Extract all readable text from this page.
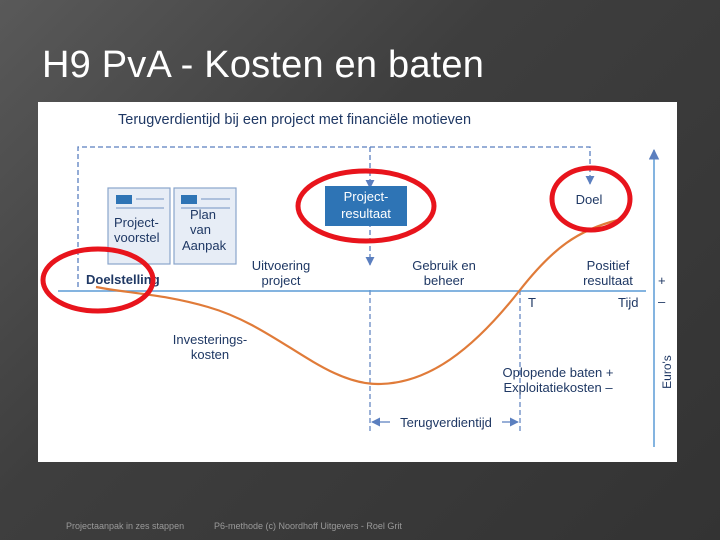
H9 PvA - Kosten en baten
Terugverdientijd bij een project met financiële motieven
Terugverdientijd
Euro's
+
–
Tijd
T
Project-
voorstel
Plan
van
Aanpak
Project-
resultaat
Doel
Doelstelling
Uitvoering
project
Gebruik en
beheer
Positief
resultaat
Investerings-
kosten
Oplopende baten +
Exploitatiekosten –
Projectaanpak in zes stappen	P6-methode (c) Noordhoff Uitgevers - Roel Grit
